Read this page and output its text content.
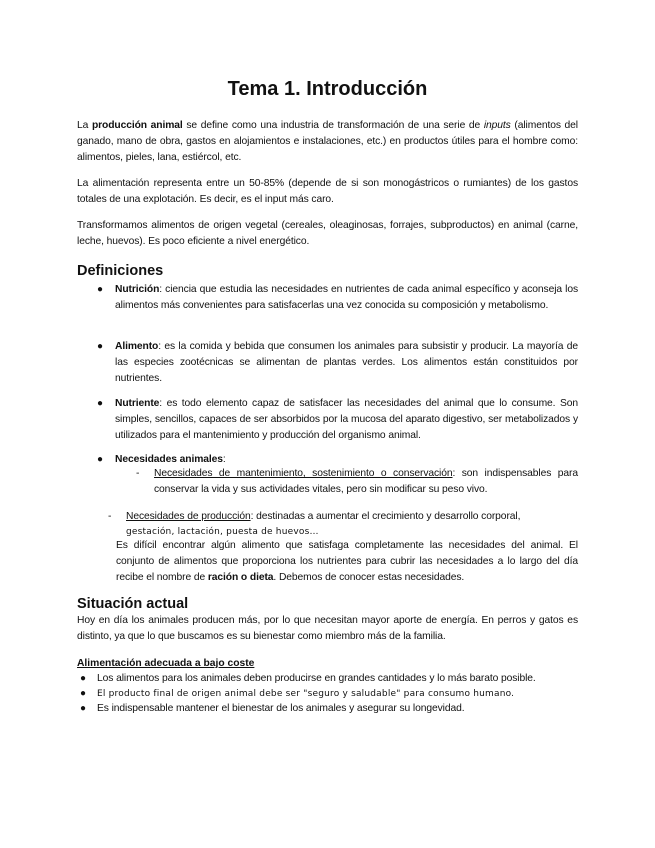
Tema 1. Introducción
La producción animal se define como una industria de transformación de una serie de inputs (alimentos del ganado, mano de obra, gastos en alojamientos e instalaciones, etc.) en productos útiles para el hombre como: alimentos, pieles, lana, estiércol, etc.
La alimentación representa entre un 50-85% (depende de si son monogástricos o rumiantes) de los gastos totales de una explotación. Es decir, es el input más caro.
Transformamos alimentos de origen vegetal (cereales, oleaginosas, forrajes, subproductos) en animal (carne, leche, huevos). Es poco eficiente a nivel energético.
Definiciones
● Nutrición: ciencia que estudia las necesidades en nutrientes de cada animal específico y aconseja los alimentos más convenientes para satisfacerlas una vez conocida su composición y metabolismo.
● Alimento: es la comida y bebida que consumen los animales para subsistir y producir. La mayoría de las especies zootécnicas se alimentan de plantas verdes. Los alimentos están constituidos por nutrientes.
● Nutriente: es todo elemento capaz de satisfacer las necesidades del animal que lo consume. Son simples, sencillos, capaces de ser absorbidos por la mucosa del aparato digestivo, ser metabolizados y utilizados para el mantenimiento y producción del organismo animal.
● Necesidades animales:
- Necesidades de mantenimiento, sostenimiento o conservación: son indispensables para conservar la vida y sus actividades vitales, pero sin modificar su peso vivo.
- Necesidades de producción: destinadas a aumentar el crecimiento y desarrollo corporal,
gestación, lactación, puesta de huevos…
Es difícil encontrar algún alimento que satisfaga completamente las necesidades del animal. El conjunto de alimentos que proporciona los nutrientes para cubrir las necesidades a lo largo del día recibe el nombre de ración o dieta. Debemos de conocer estas necesidades.
Situación actual
Hoy en día los animales producen más, por lo que necesitan mayor aporte de energía. En perros y gatos es distinto, ya que lo que buscamos es su bienestar como miembro más de la familia.
Alimentación adecuada a bajo coste
● Los alimentos para los animales deben producirse en grandes cantidades y lo más barato posible.
● El producto final de origen animal debe ser "seguro y saludable" para consumo humano.
● Es indispensable mantener el bienestar de los animales y asegurar su longevidad.
